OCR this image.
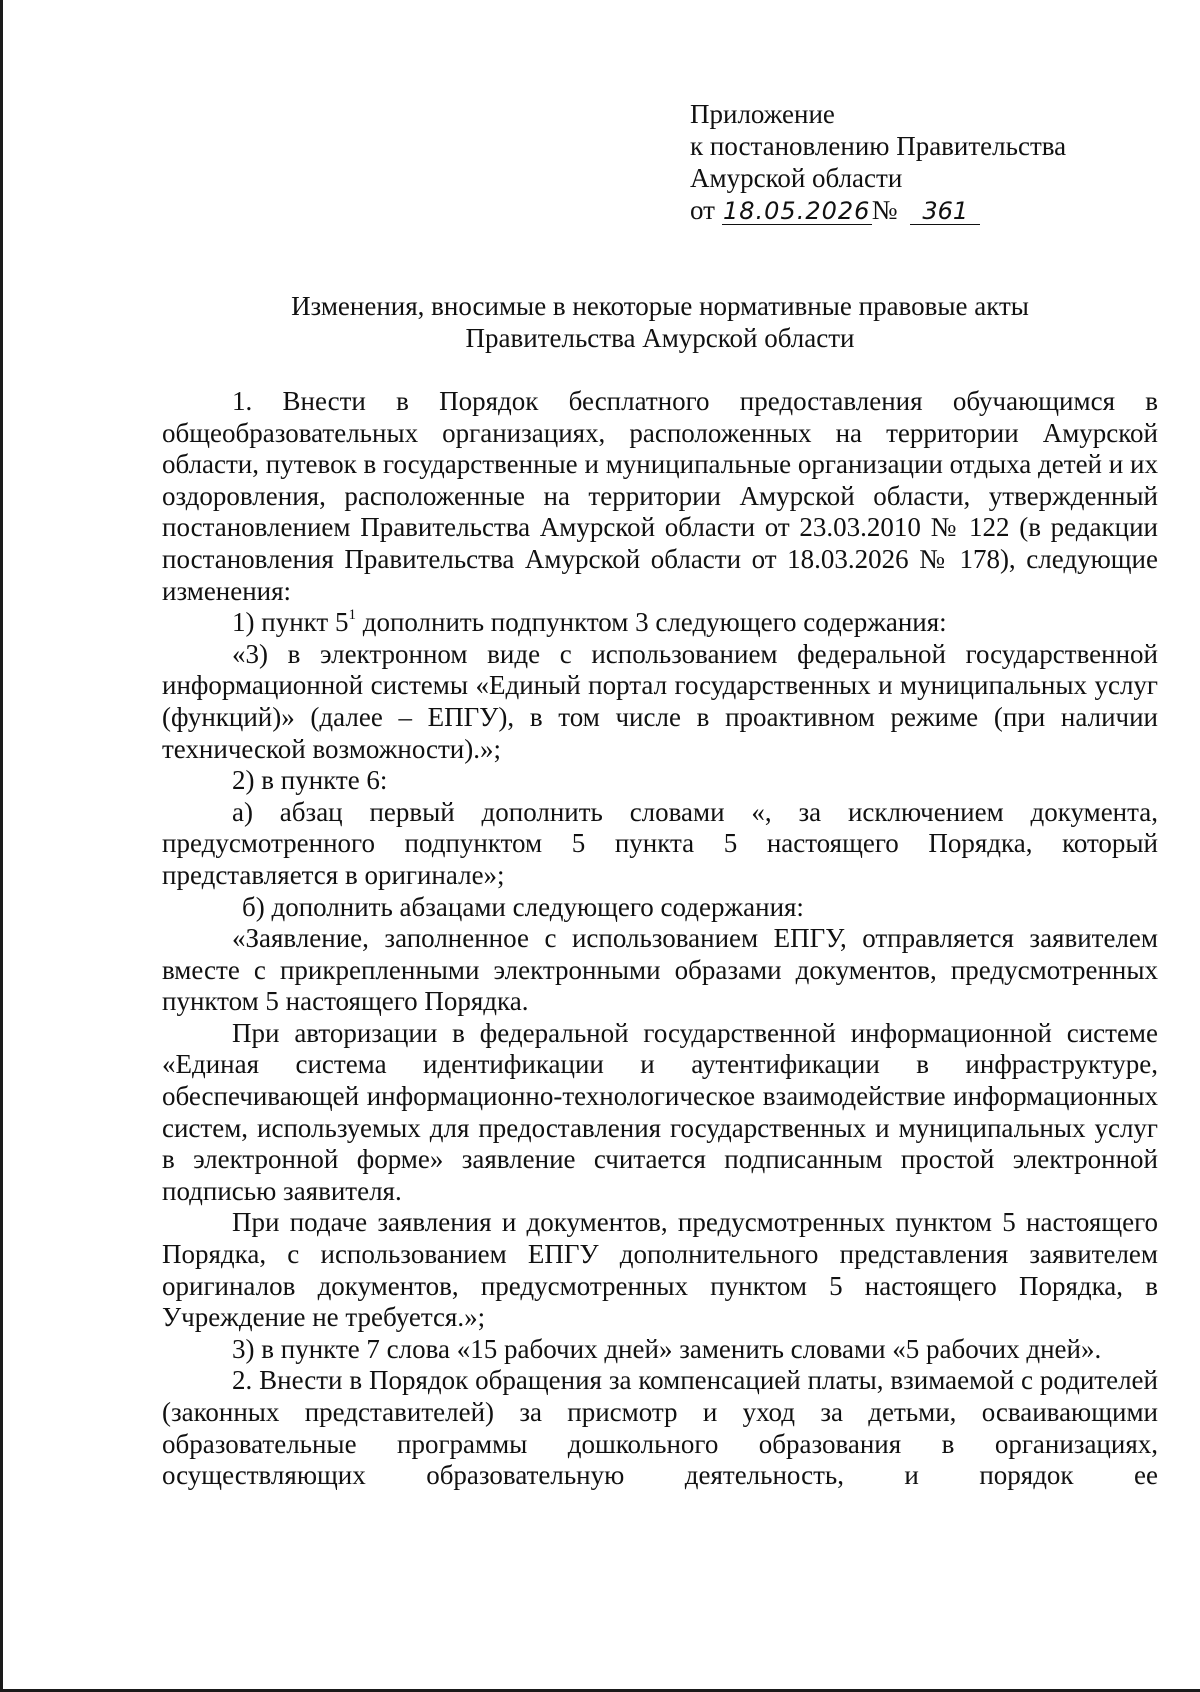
Приложение
к постановлению Правительства
Амурской области
от 18.05.2026№ 361
Изменения, вносимые в некоторые нормативные правовые акты
Правительства Амурской области

1. Внести в Порядок бесплатного предоставления обучающимся в общеобразовательных организациях, расположенных на территории Амурской области, путевок в государственные и муниципальные организации отдыха детей и их оздоровления, расположенные на территории Амурской области, утвержденный постановлением Правительства Амурской области от 23.03.2010 № 122 (в редакции постановления Правительства Амурской области от 18.03.2026 № 178), следующие изменения:

1) пункт $5^1$ дополнить подпунктом 3 следующего содержания:

«3) в электронном виде с использованием федеральной государственной информационной системы «Единый портал государственных и муниципальных услуг (функций)» (далее – ЕПГУ), в том числе в проактивном режиме (при наличии технической возможности).»;

2) в пункте 6:

а) абзац первый дополнить словами «, за исключением документа, предусмотренного подпунктом 5 пункта 5 настоящего Порядка, который представляется в оригинале»;

б) дополнить абзацами следующего содержания:

«Заявление, заполненное с использованием ЕПГУ, отправляется заявителем вместе с прикрепленными электронными образами документов, предусмотренных пунктом 5 настоящего Порядка.

При авторизации в федеральной государственной информационной системе «Единая система идентификации и аутентификации в инфраструктуре, обеспечивающей информационно-технологическое взаимодействие информационных систем, используемых для предоставления государственных и муниципальных услуг в электронной форме» заявление считается подписанным простой электронной подписью заявителя.

При подаче заявления и документов, предусмотренных пунктом 5 настоящего Порядка, с использованием ЕПГУ дополнительного представления заявителем оригиналов документов, предусмотренных пунктом 5 настоящего Порядка, в Учреждение не требуется.»;

3) в пункте 7 слова «15 рабочих дней» заменить словами «5 рабочих дней».

2. Внести в Порядок обращения за компенсацией платы, взимаемой с родителей (законных представителей) за присмотр и уход за детьми, осваивающими образовательные программы дошкольного образования в организациях, осуществляющих образовательную деятельность, и порядок ее
